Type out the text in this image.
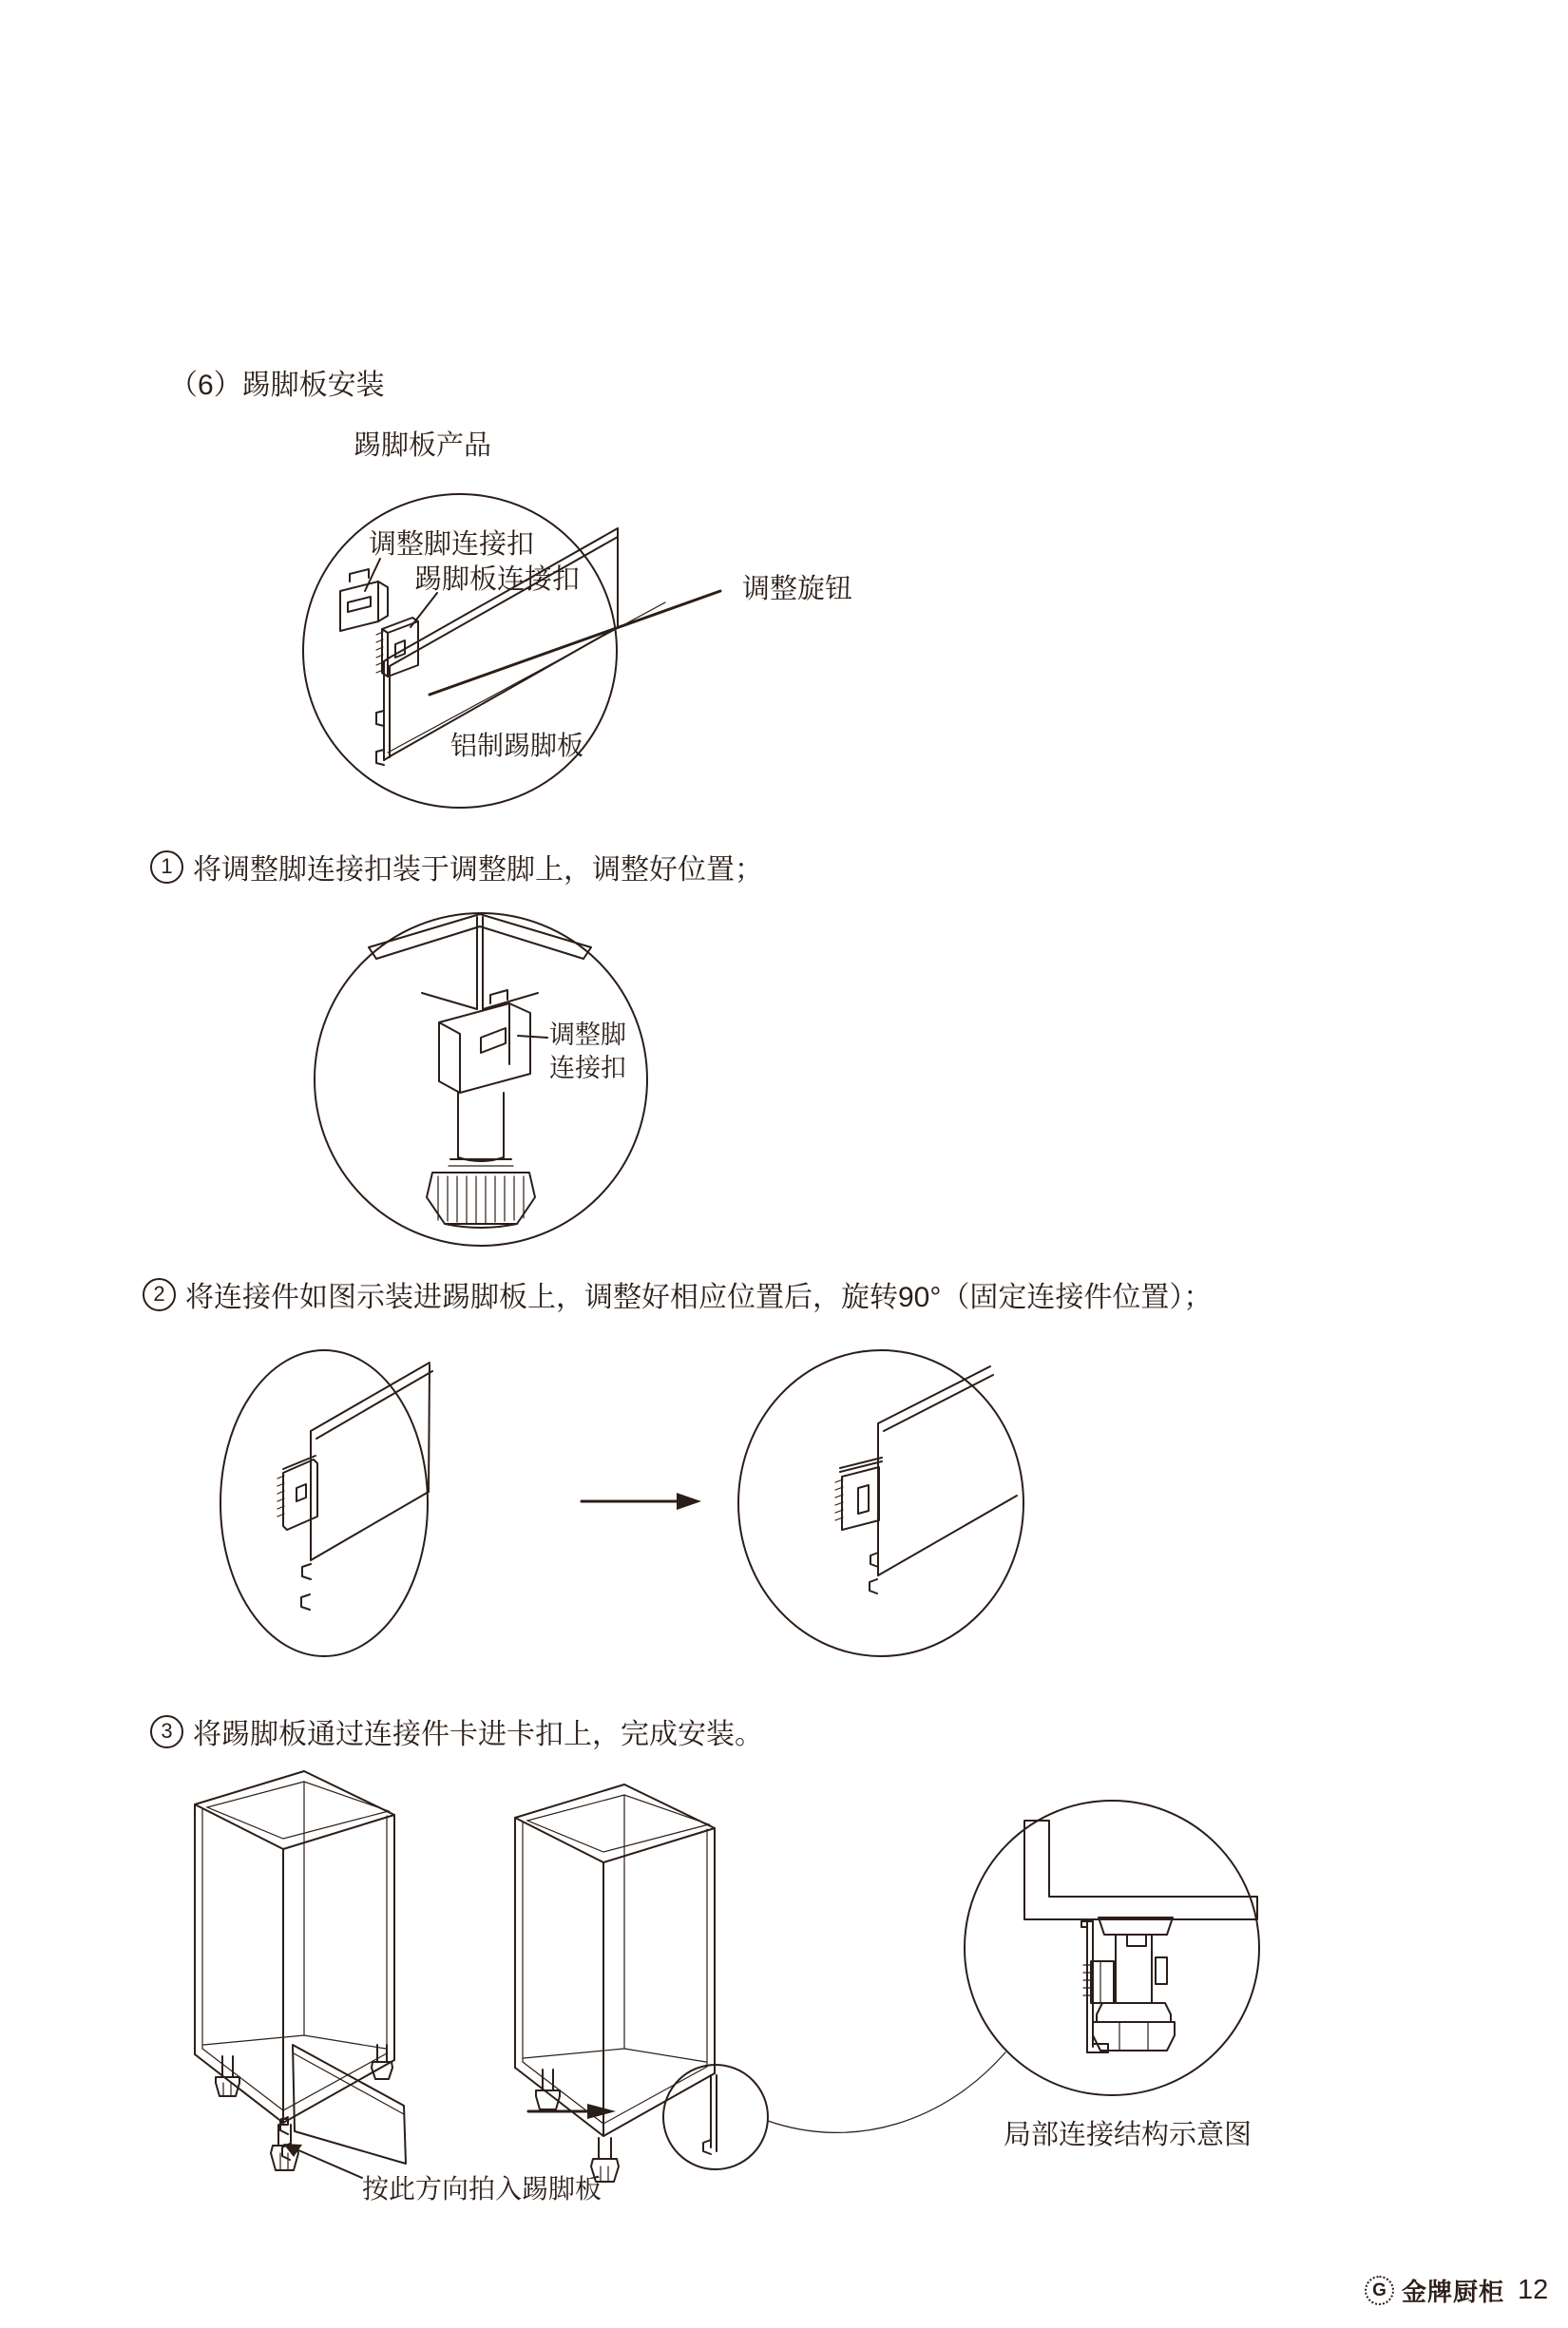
（6）踢脚板安装
踢脚板产品
调整脚连接扣
踢脚板连接扣	调整旋钮
铝制踢脚板
1 将调整脚连接扣装于调整脚上，调整好位置；
调整脚
连接扣
2 将连接件如图示装进踢脚板上，调整好相应位置后，旋转90°（固定连接件位置）；
3 将踢脚板通过连接件卡进卡扣上，完成安装。
按此方向拍入踢脚板
局部连接结构示意图
G 金牌厨柜 12
